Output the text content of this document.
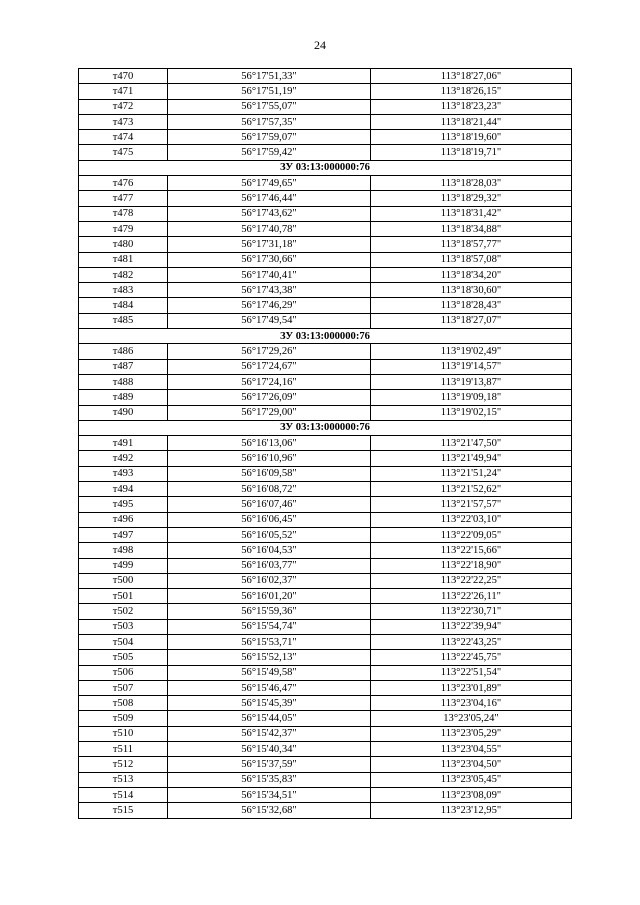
24
т470	56°17'51,33"	113°18'27,06"
т471	56°17'51,19"	113°18'26,15"
т472	56°17'55,07"	113°18'23,23"
т473	56°17'57,35"	113°18'21,44"
т474	56°17'59,07"	113°18'19,60"
т475	56°17'59,42"	113°18'19,71"
ЗУ 03:13:000000:76		
т476	56°17'49,65"	113°18'28,03"
т477	56°17'46,44"	113°18'29,32"
т478	56°17'43,62"	113°18'31,42"
т479	56°17'40,78"	113°18'34,88"
т480	56°17'31,18"	113°18'57,77"
т481	56°17'30,66"	113°18'57,08"
т482	56°17'40,41"	113°18'34,20"
т483	56°17'43,38"	113°18'30,60"
т484	56°17'46,29"	113°18'28,43"
т485	56°17'49,54"	113°18'27,07"
ЗУ 03:13:000000:76		
т486	56°17'29,26"	113°19'02,49"
т487	56°17'24,67"	113°19'14,57"
т488	56°17'24,16"	113°19'13,87"
т489	56°17'26,09"	113°19'09,18"
т490	56°17'29,00"	113°19'02,15"
ЗУ 03:13:000000:76		
т491	56°16'13,06"	113°21'47,50"
т492	56°16'10,96"	113°21'49,94"
т493	56°16'09,58"	113°21'51,24"
т494	56°16'08,72"	113°21'52,62"
т495	56°16'07,46"	113°21'57,57"
т496	56°16'06,45"	113°22'03,10"
т497	56°16'05,52"	113°22'09,05"
т498	56°16'04,53"	113°22'15,66"
т499	56°16'03,77"	113°22'18,90"
т500	56°16'02,37"	113°22'22,25"
т501	56°16'01,20"	113°22'26,11"
т502	56°15'59,36"	113°22'30,71"
т503	56°15'54,74"	113°22'39,94"
т504	56°15'53,71"	113°22'43,25"
т505	56°15'52,13"	113°22'45,75"
т506	56°15'49,58"	113°22'51,54"
т507	56°15'46,47"	113°23'01,89"
т508	56°15'45,39"	113°23'04,16"
т509	56°15'44,05"	13°23'05,24"
т510	56°15'42,37"	113°23'05,29"
т511	56°15'40,34"	113°23'04,55"
т512	56°15'37,59"	113°23'04,50"
т513	56°15'35,83"	113°23'05,45"
т514	56°15'34,51"	113°23'08,09"
т515	56°15'32,68"	113°23'12,95"
